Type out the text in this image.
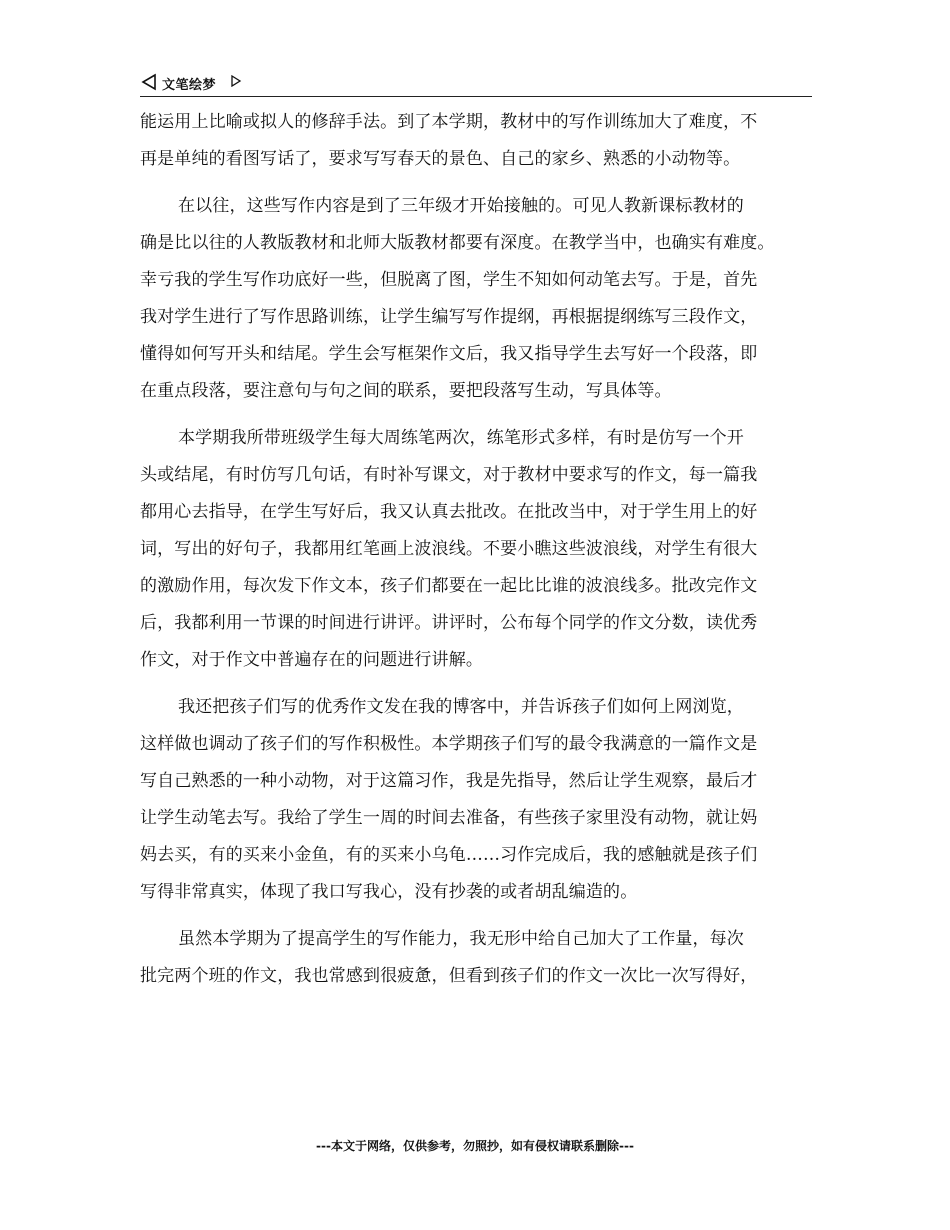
文笔绘梦
能运用上比喻或拟人的修辞手法。到了本学期，教材中的写作训练加大了难度，不
再是单纯的看图写话了，要求写写春天的景色、自己的家乡、熟悉的小动物等。
在以往，这些写作内容是到了三年级才开始接触的。可见人教新课标教材的
确是比以往的人教版教材和北师大版教材都要有深度。在教学当中，也确实有难度。
幸亏我的学生写作功底好一些，但脱离了图，学生不知如何动笔去写。于是，首先
我对学生进行了写作思路训练，让学生编写写作提纲，再根据提纲练写三段作文，
懂得如何写开头和结尾。学生会写框架作文后，我又指导学生去写好一个段落，即
在重点段落，要注意句与句之间的联系，要把段落写生动，写具体等。
本学期我所带班级学生每大周练笔两次，练笔形式多样，有时是仿写一个开
头或结尾，有时仿写几句话，有时补写课文，对于教材中要求写的作文，每一篇我
都用心去指导，在学生写好后，我又认真去批改。在批改当中，对于学生用上的好
词，写出的好句子，我都用红笔画上波浪线。不要小瞧这些波浪线，对学生有很大
的激励作用，每次发下作文本，孩子们都要在一起比比谁的波浪线多。批改完作文
后，我都利用一节课的时间进行讲评。讲评时，公布每个同学的作文分数，读优秀
作文，对于作文中普遍存在的问题进行讲解。
我还把孩子们写的优秀作文发在我的博客中，并告诉孩子们如何上网浏览，
这样做也调动了孩子们的写作积极性。本学期孩子们写的最令我满意的一篇作文是
写自己熟悉的一种小动物，对于这篇习作，我是先指导，然后让学生观察，最后才
让学生动笔去写。我给了学生一周的时间去准备，有些孩子家里没有动物，就让妈
妈去买，有的买来小金鱼，有的买来小乌龟……习作完成后，我的感触就是孩子们
写得非常真实，体现了我口写我心，没有抄袭的或者胡乱编造的。
虽然本学期为了提高学生的写作能力，我无形中给自己加大了工作量，每次
批完两个班的作文，我也常感到很疲惫，但看到孩子们的作文一次比一次写得好，
---本文于网络，仅供参考，勿照抄，如有侵权请联系删除---
